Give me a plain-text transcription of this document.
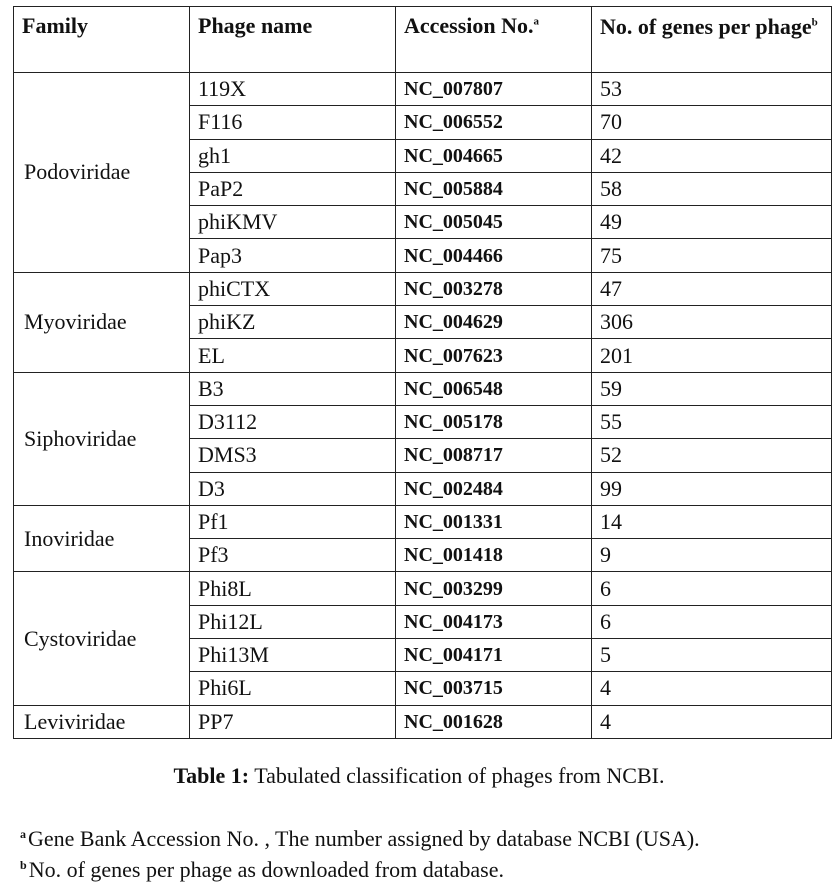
Family	Phage name	Accession No.$^a$	No. of genes per phage$^b$
Podoviridae	119X	NC_007807	53
	F116	NC_006552	70
	gh1	NC_004665	42
	PaP2	NC_005884	58
	phiKMV	NC_005045	49
	Pap3	NC_004466	75
Myoviridae	phiCTX	NC_003278	47
	phiKZ	NC_004629	306
	EL	NC_007623	201
Siphoviridae	B3	NC_006548	59
	D3112	NC_005178	55
	DMS3	NC_008717	52
	D3	NC_002484	99
Inoviridae	Pf1	NC_001331	14
	Pf3	NC_001418	9
Cystoviridae	Phi8L	NC_003299	6
	Phi12L	NC_004173	6
	Phi13M	NC_004171	5
	Phi6L	NC_003715	4
Leviviridae	PP7	NC_001628	4
Table 1: Tabulated classification of phages from NCBI.
$^a$Gene Bank Accession No. , The number assigned by database NCBI (USA).
$^b$No. of genes per phage as downloaded from database.
